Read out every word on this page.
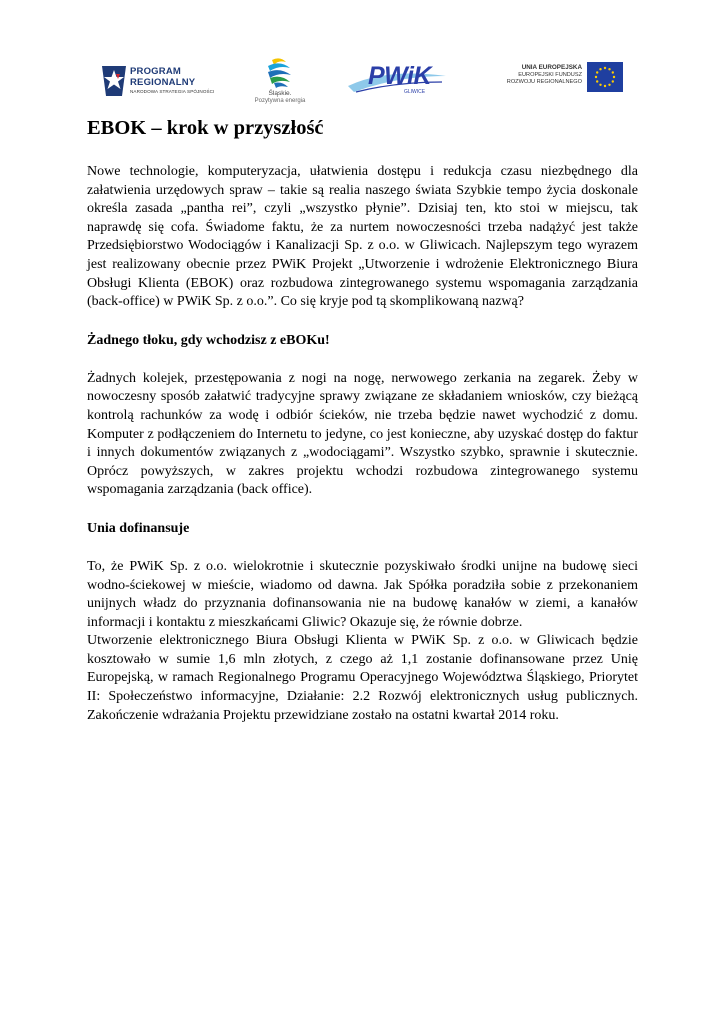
PROGRAM
REGIONALNY
NARODOWA STRATEGIA SPÓJNOŚCI	Śląskie.
Pozytywna energia
PWiK
GLIWICE
UNIA EUROPEJSKA
EUROPEJSKI FUNDUSZ
ROZWOJU REGIONALNEGO
EBOK – krok w przyszłość

Nowe technologie, komputeryzacja, ułatwienia dostępu i redukcja czasu niezbędnego dla załatwienia urzędowych spraw – takie są realia naszego świata Szybkie tempo życia doskonale określa zasada „pantha rei”, czyli „wszystko płynie”. Dzisiaj ten, kto stoi w miejscu, tak naprawdę się cofa. Świadome faktu, że za nurtem nowoczesności trzeba nadążyć jest także Przedsiębiorstwo Wodociągów i Kanalizacji Sp. z o.o. w Gliwicach. Najlepszym tego wyrazem jest realizowany obecnie przez PWiK Projekt „Utworzenie i wdrożenie Elektronicznego Biura Obsługi Klienta (EBOK) oraz rozbudowa zintegrowanego systemu wspomagania zarządzania (back-office) w PWiK Sp. z o.o.”. Co się kryje pod tą skomplikowaną nazwą?

Żadnego tłoku, gdy wchodzisz z eBOKu!

Żadnych kolejek, przestępowania z nogi na nogę, nerwowego zerkania na zegarek. Żeby w nowoczesny sposób załatwić tradycyjne sprawy związane ze składaniem wniosków, czy bieżącą kontrolą rachunków za wodę i odbiór ścieków, nie trzeba będzie nawet wychodzić z domu. Komputer z podłączeniem do Internetu to jedyne, co jest konieczne, aby uzyskać dostęp do faktur i innych dokumentów związanych z „wodociągami”. Wszystko szybko, sprawnie i skutecznie. Oprócz powyższych, w zakres projektu wchodzi rozbudowa zintegrowanego systemu wspomagania zarządzania (back office).

Unia dofinansuje

To, że PWiK Sp. z o.o. wielokrotnie i skutecznie pozyskiwało środki unijne na budowę sieci wodno-ściekowej w mieście, wiadomo od dawna. Jak Spółka poradziła sobie z przekonaniem unijnych władz do przyznania dofinansowania nie na budowę kanałów w ziemi, a kanałów informacji i kontaktu z mieszkańcami Gliwic? Okazuje się, że równie dobrze.

Utworzenie elektronicznego Biura Obsługi Klienta w PWiK Sp. z o.o. w Gliwicach będzie kosztowało w sumie 1,6 mln złotych, z czego aż 1,1 zostanie dofinansowane przez Unię Europejską, w ramach Regionalnego Programu Operacyjnego Województwa Śląskiego, Priorytet II: Społeczeństwo informacyjne, Działanie: 2.2 Rozwój elektronicznych usług publicznych. Zakończenie wdrażania Projektu przewidziane zostało na ostatni kwartał 2014 roku.
